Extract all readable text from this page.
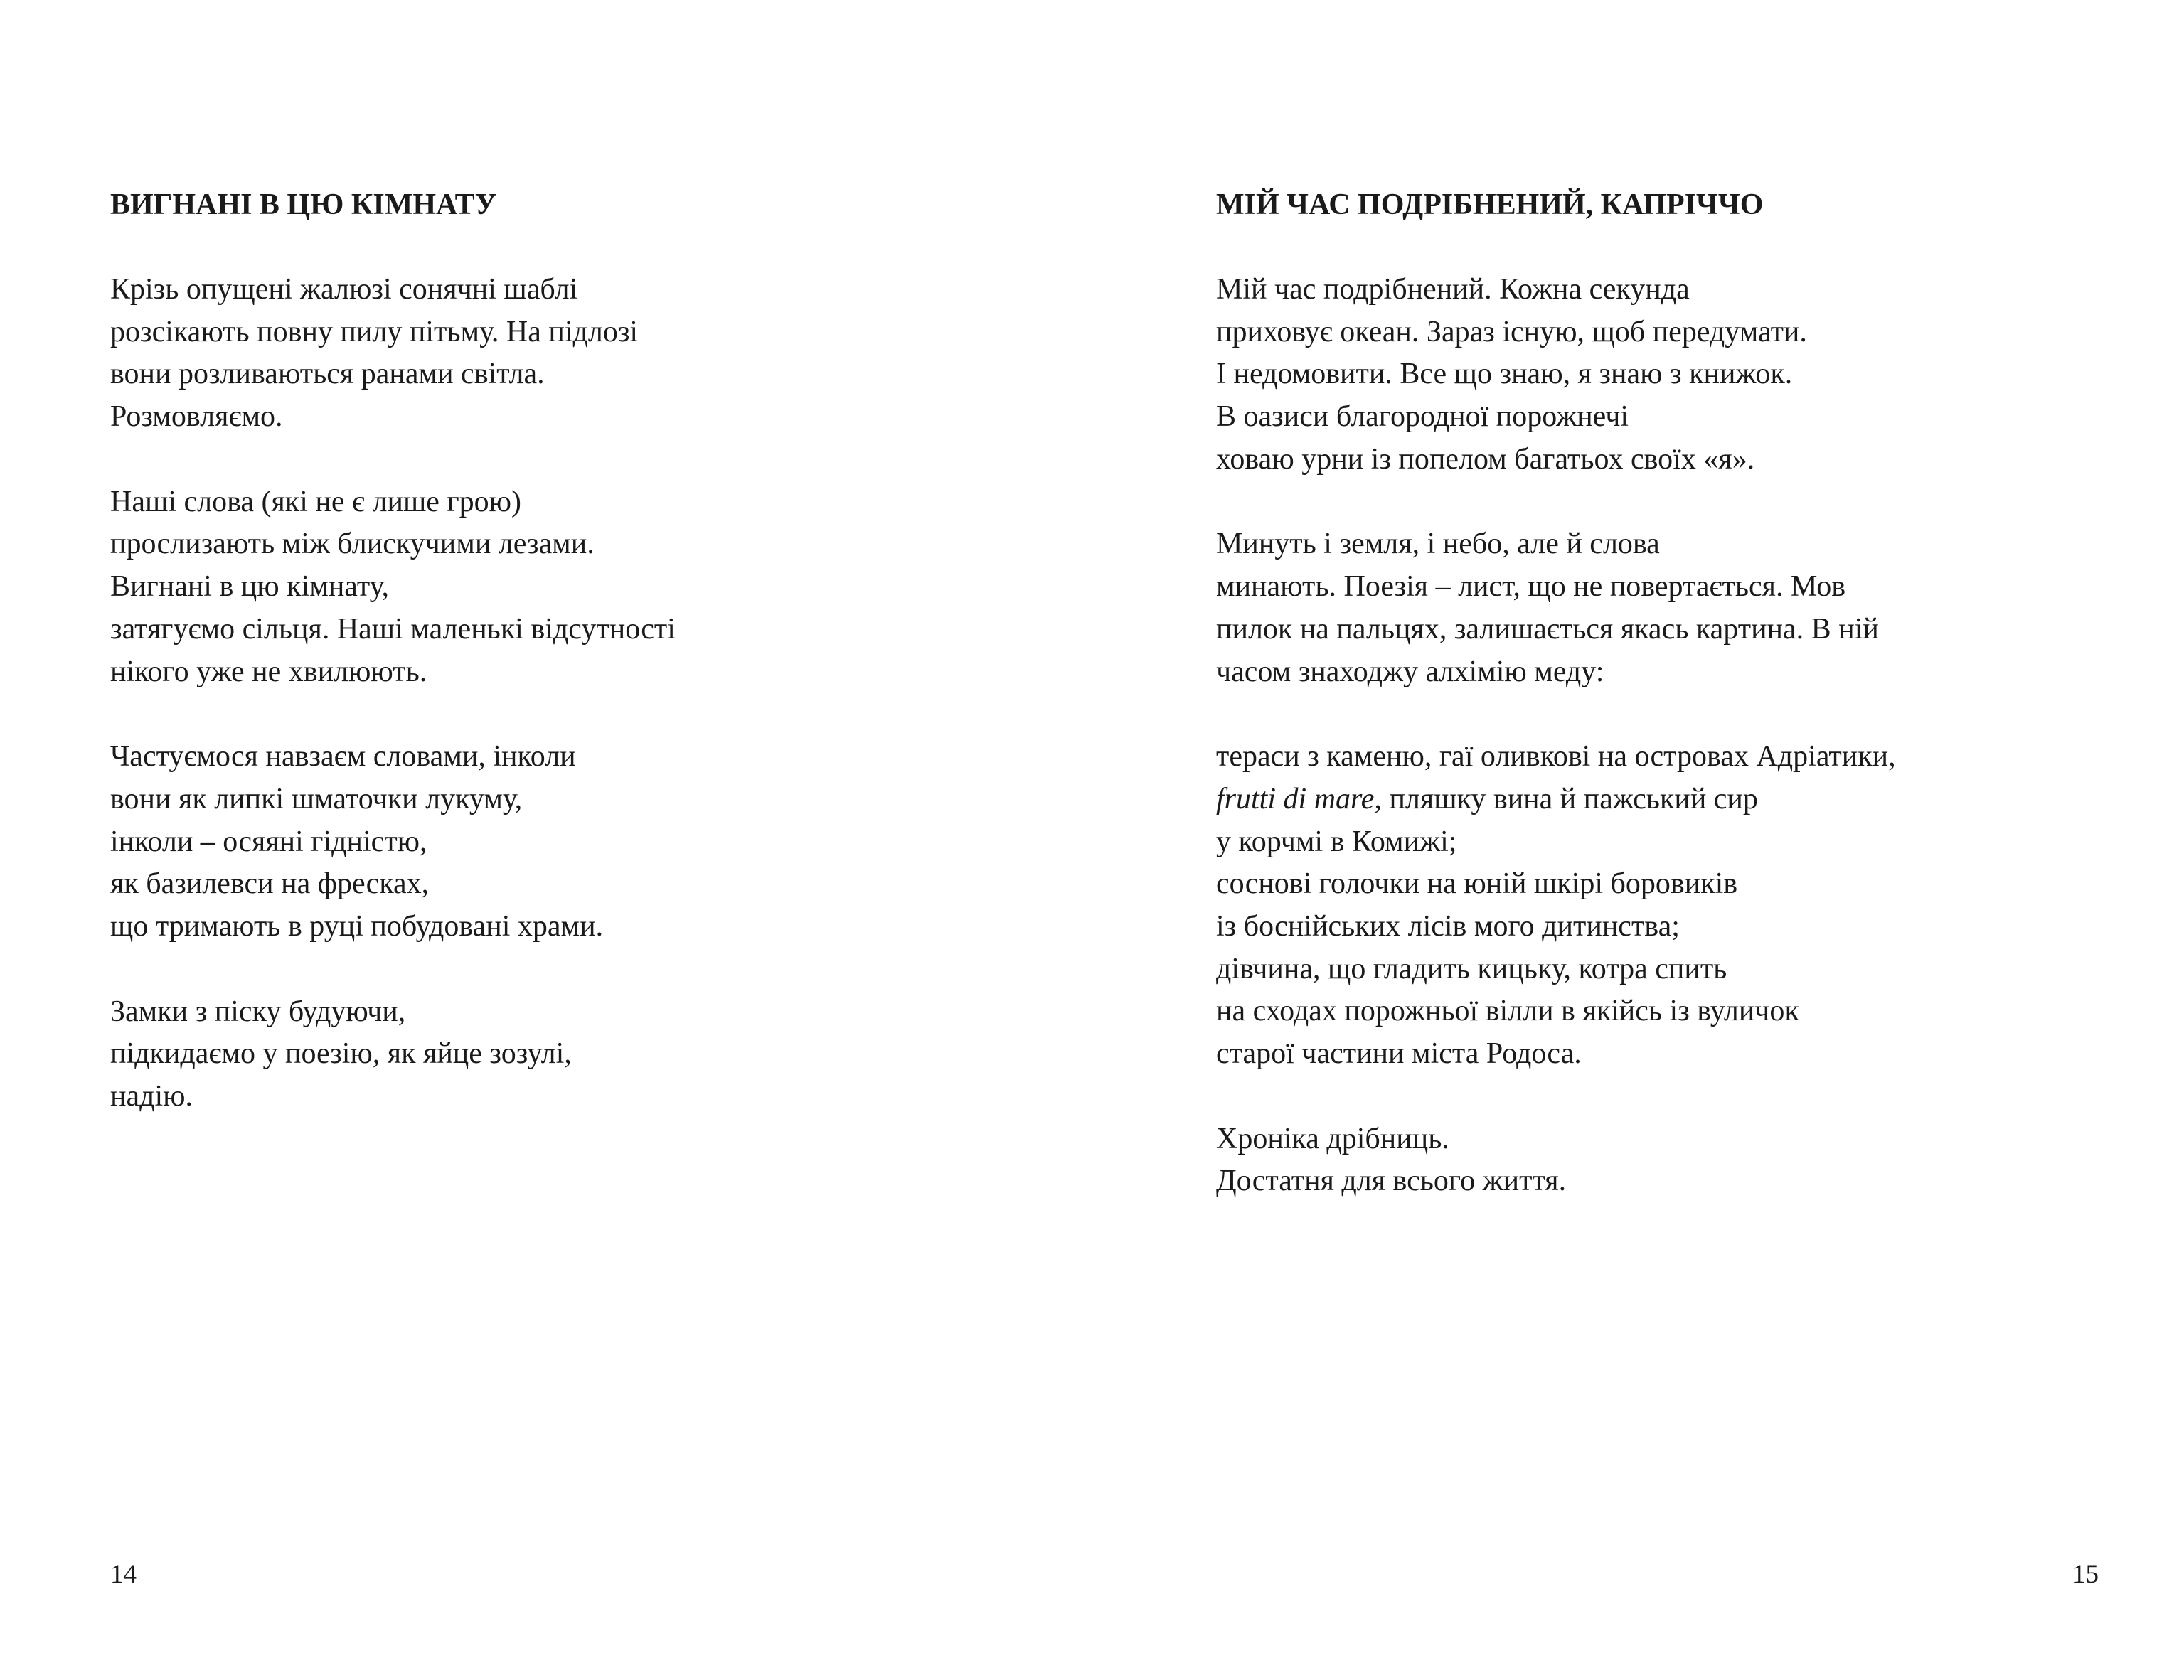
ВИГНАНІ В ЦЮ КІМНАТУ
Крізь опущені жалюзі сонячні шаблі
розсікають повну пилу пітьму. На підлозі
вони розливаються ранами світла.
Розмовляємо.
Наші слова (які не є лише грою)
прослизають між блискучими лезами.
Вигнані в цю кімнату,
затягуємо сільця. Наші маленькі відсутності
нікого уже не хвилюють.
Частуємося навзаєм словами, інколи
вони як липкі шматочки лукуму,
інколи – осяяні гідністю,
як базилевси на фресках,
що тримають в руці побудовані храми.
Замки з піску будуючи,
підкидаємо у поезію, як яйце зозулі,
надію.
14
МІЙ ЧАС ПОДРІБНЕНИЙ, КАПРІЧЧО
Мій час подрібнений. Кожна секунда
приховує океан. Зараз існую, щоб передумати.
І недомовити. Все що знаю, я знаю з книжок.
В оазиси благородної порожнечі
ховаю урни із попелом багатьох своїх «я».
Минуть і земля, і небо, але й слова
минають. Поезія – лист, що не повертається. Мов
пилок на пальцях, залишається якась картина. В ній
часом знаходжу алхімію меду:
тераси з каменю, гаї оливкові на островах Адріатики,
frutti di mare, пляшку вина й пажський сир
у корчмі в Комижі;
соснові голочки на юній шкірі боровиків
із боснійських лісів мого дитинства;
дівчина, що гладить кицьку, котра спить
на сходах порожньої вілли в якійсь із вуличок
старої частини міста Родоса.
Хроніка дрібниць.
Достатня для всього життя.
15
